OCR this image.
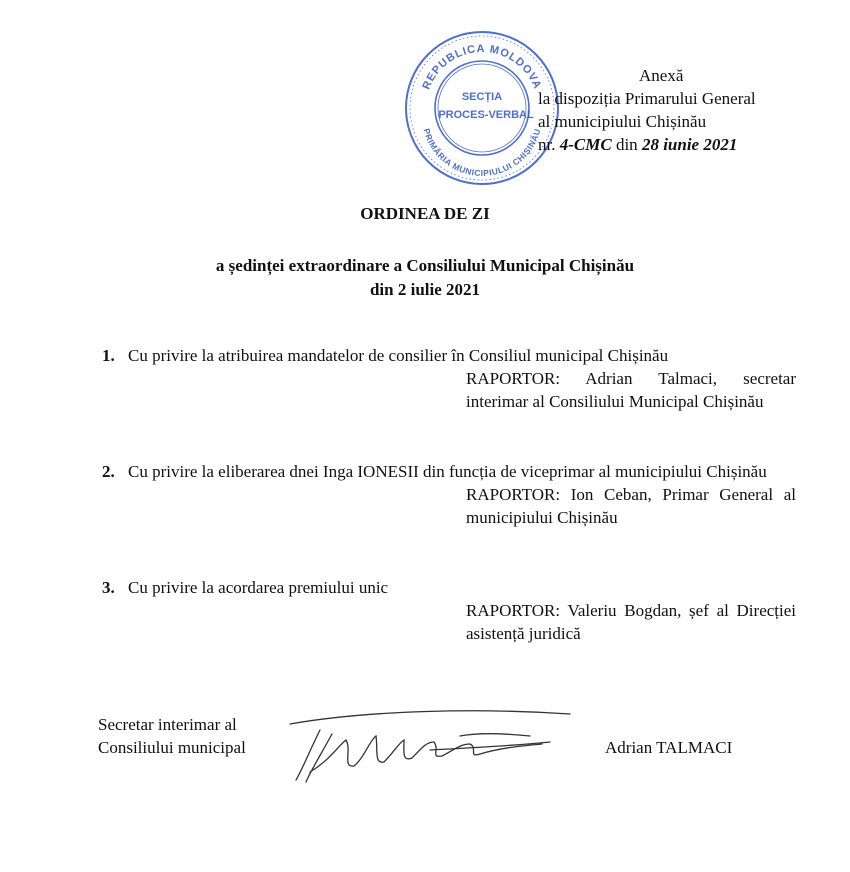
REPUBLICA MOLDOVA
PRIMĂRIA MUNICIPIULUI CHIȘINĂU
SECȚIA
PROCES-VERBAL
Anexă
la dispoziția Primarului General
al municipiului Chișinău
nr. 4-CMC din 28 iunie 2021
ORDINEA DE ZI
a ședinței extraordinare a Consiliului Municipal Chișinău
din 2 iulie 2021
1. Cu privire la atribuirea mandatelor de consilier în Consiliul municipal Chișinău
RAPORTOR: Adrian Talmaci, secretar interimar al Consiliului Municipal Chișinău
2. Cu privire la eliberarea dnei Inga IONESII din funcția de viceprimar al municipiului Chișinău
RAPORTOR: Ion Ceban, Primar General al municipiului Chișinău
3. Cu privire la acordarea premiului unic
RAPORTOR: Valeriu Bogdan, șef al Direcției asistență juridică
Secretar interimar al
Consiliului municipal	Adrian TALMACI
